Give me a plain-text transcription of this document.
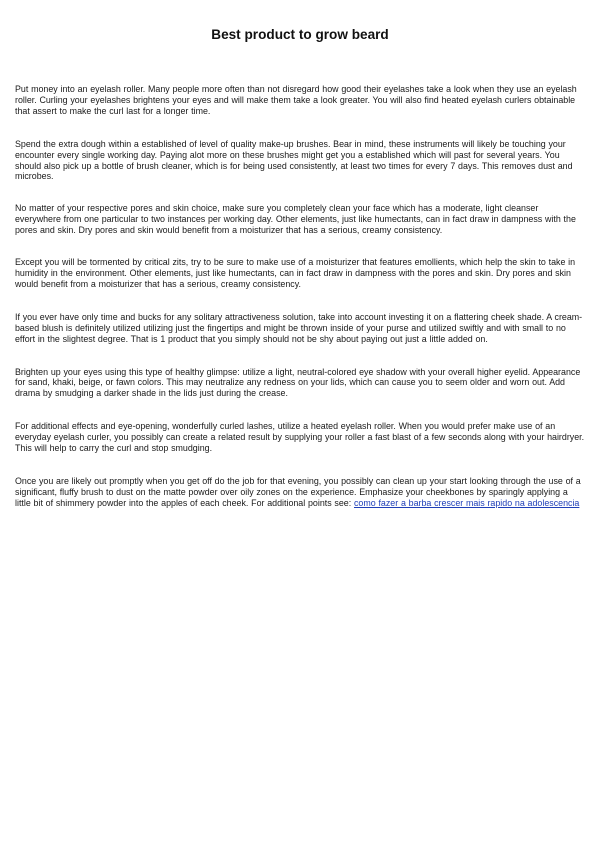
Best product to grow beard

Put money into an eyelash roller. Many people more often than not disregard how good their eyelashes take a look when they use an eyelash roller. Curling your eyelashes brightens your eyes and will make them take a look greater. You will also find heated eyelash curlers obtainable that assert to make the curl last for a longer time.

Spend the extra dough within a established of level of quality make-up brushes. Bear in mind, these instruments will likely be touching your encounter every single working day. Paying alot more on these brushes might get you a established which will past for several years. You should also pick up a bottle of brush cleaner, which is for being used consistently, at least two times for every 7 days. This removes dust and microbes.

No matter of your respective pores and skin choice, make sure you completely clean your face which has a moderate, light cleanser everywhere from one particular to two instances per working day. Other elements, just like humectants, can in fact draw in dampness with the pores and skin. Dry pores and skin would benefit from a moisturizer that has a serious, creamy consistency.

Except you will be tormented by critical zits, try to be sure to make use of a moisturizer that features emollients, which help the skin to take in humidity in the environment. Other elements, just like humectants, can in fact draw in dampness with the pores and skin. Dry pores and skin would benefit from a moisturizer that has a serious, creamy consistency.

If you ever have only time and bucks for any solitary attractiveness solution, take into account investing it on a flattering cheek shade. A cream-based blush is definitely utilized utilizing just the fingertips and might be thrown inside of your purse and utilized swiftly and with small to no effort in the slightest degree. That is 1 product that you simply should not be shy about paying out just a little added on.

Brighten up your eyes using this type of healthy glimpse: utilize a light, neutral-colored eye shadow with your overall higher eyelid. Appearance for sand, khaki, beige, or fawn colors. This may neutralize any redness on your lids, which can cause you to seem older and worn out. Add drama by smudging a darker shade in the lids just during the crease.

For additional effects and eye-opening, wonderfully curled lashes, utilize a heated eyelash roller. When you would prefer make use of an everyday eyelash curler, you possibly can create a related result by supplying your roller a fast blast of a few seconds along with your hairdryer. This will help to carry the curl and stop smudging.

Once you are likely out promptly when you get off do the job for that evening, you possibly can clean up your start looking through the use of a significant, fluffy brush to dust on the matte powder over oily zones on the experience. Emphasize your cheekbones by sparingly applying a little bit of shimmery powder into the apples of each cheek. For additional points see: como fazer a barba crescer mais rapido na adolescencia
